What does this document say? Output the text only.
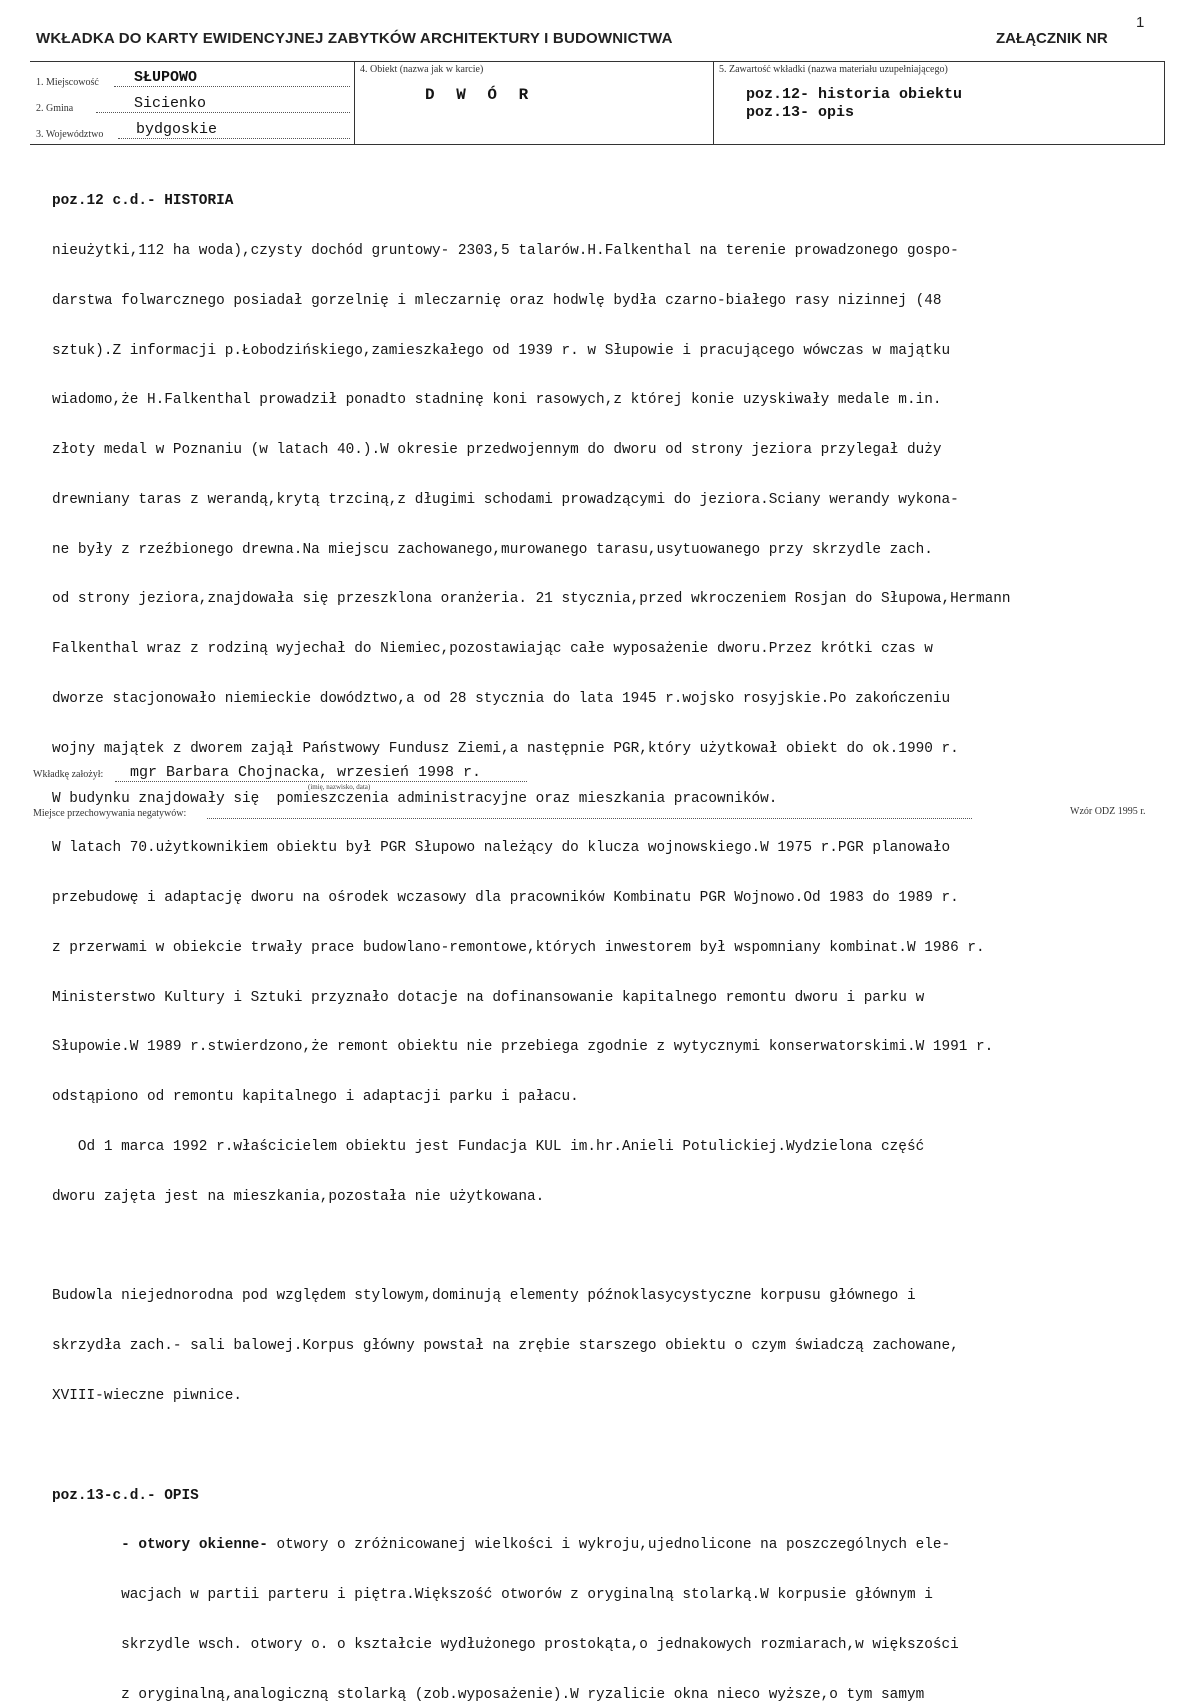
1
WKŁADKA DO KARTY EWIDENCYJNEJ ZABYTKÓW ARCHITEKTURY I BUDOWNICTWA	ZAŁĄCZNIK NR
1. Miejscowość SŁUPOWO
2. Gmina	Sicienko
3. Województwo bydgoskie
4. Obiekt (nazwa jak w karcie)
D W Ó R
5. Zawartość wkładki (nazwa materiału uzupełniającego)
poz.12- historia obiektu
poz.13- opis

poz.12 c.d.- HISTORIA

nieużytki,112 ha woda),czysty dochód gruntowy- 2303,5 talarów.H.Falkenthal na terenie prowadzonego gospo-

darstwa folwarcznego posiadał gorzelnię i mleczarnię oraz hodwlę bydła czarno-białego rasy nizinnej (48

sztuk).Z informacji p.Łobodzińskiego,zamieszkałego od 1939 r. w Słupowie i pracującego wówczas w majątku

wiadomo,że H.Falkenthal prowadził ponadto stadninę koni rasowych,z której konie uzyskiwały medale m.in.

złoty medal w Poznaniu (w latach 40.).W okresie przedwojennym do dworu od strony jeziora przylegał duży

drewniany taras z werandą,krytą trzciną,z długimi schodami prowadzącymi do jeziora.Sciany werandy wykona-

ne były z rzeźbionego drewna.Na miejscu zachowanego,murowanego tarasu,usytuowanego przy skrzydle zach.

od strony jeziora,znajdowała się przeszklona oranżeria. 21 stycznia,przed wkroczeniem Rosjan do Słupowa,Hermann

Falkenthal wraz z rodziną wyjechał do Niemiec,pozostawiając całe wyposażenie dworu.Przez krótki czas w

dworze stacjonowało niemieckie dowództwo,a od 28 stycznia do lata 1945 r.wojsko rosyjskie.Po zakończeniu

wojny majątek z dworem zajął Państwowy Fundusz Ziemi,a następnie PGR,który użytkował obiekt do ok.1990 r.

W budynku znajdowały się  pomieszczenia administracyjne oraz mieszkania pracowników.

W latach 70.użytkownikiem obiektu był PGR Słupowo należący do klucza wojnowskiego.W 1975 r.PGR planowało

przebudowę i adaptację dworu na ośrodek wczasowy dla pracowników Kombinatu PGR Wojnowo.Od 1983 do 1989 r.

z przerwami w obiekcie trwały prace budowlano-remontowe,których inwestorem był wspomniany kombinat.W 1986 r.

Ministerstwo Kultury i Sztuki przyznało dotacje na dofinansowanie kapitalnego remontu dworu i parku w

Słupowie.W 1989 r.stwierdzono,że remont obiektu nie przebiega zgodnie z wytycznymi konserwatorskimi.W 1991 r.

odstąpiono od remontu kapitalnego i adaptacji parku i pałacu.

Od 1 marca 1992 r.właścicielem obiektu jest Fundacja KUL im.hr.Anieli Potulickiej.Wydzielona część

dworu zajęta jest na mieszkania,pozostała nie użytkowana.

Budowla niejednorodna pod względem stylowym,dominują elementy późnoklasycystyczne korpusu głównego i

skrzydła zach.- sali balowej.Korpus główny powstał na zrębie starszego obiektu o czym świadczą zachowane,

XVIII-wieczne piwnice.

poz.13-c.d.- OPIS

- otwory okienne- otwory o zróżnicowanej wielkości i wykroju,ujednolicone na poszczególnych ele-

wacjach w partii parteru i piętra.Większość otworów z oryginalną stolarką.W korpusie głównym i

skrzydle wsch. otwory o. o kształcie wydłużonego prostokąta,o jednakowych rozmiarach,w większości

z oryginalną,analogiczną stolarką (zob.wyposażenie).W ryzalicie okna nieco wyższe,o tym samym

Wkładkę założył: mgr Barbara Chojnacka, wrzesień 1998 r.
(imię, nazwisko, data)
Miejsce przechowywania negatywów:	Wzór ODZ 1995 r.
